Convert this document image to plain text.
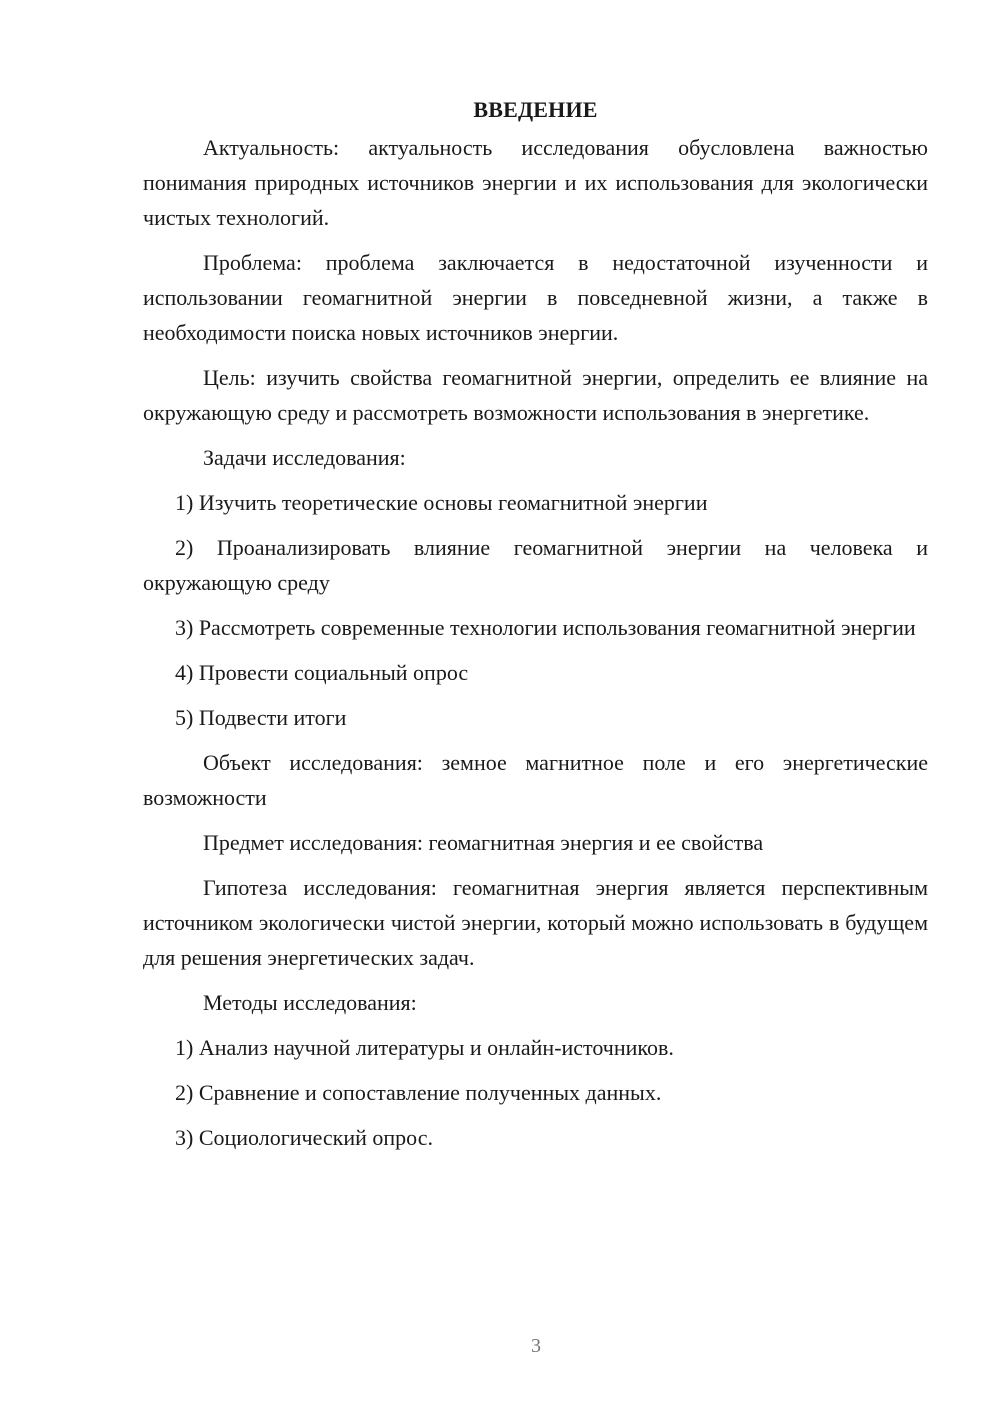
ВВЕДЕНИЕ
Актуальность: актуальность исследования обусловлена важностью понимания природных источников энергии и их использования для экологически чистых технологий.
Проблема: проблема заключается в недостаточной изученности и использовании геомагнитной энергии в повседневной жизни, а также в необходимости поиска новых источников энергии.
Цель: изучить свойства геомагнитной энергии, определить ее влияние на окружающую среду и рассмотреть возможности использования в энергетике.
Задачи исследования:
1) Изучить теоретические основы геомагнитной энергии
2) Проанализировать влияние геомагнитной энергии на человека и окружающую среду
3) Рассмотреть современные технологии использования геомагнитной энергии
4) Провести социальный опрос
5) Подвести итоги
Объект исследования: земное магнитное поле и его энергетические возможности
Предмет исследования: геомагнитная энергия и ее свойства
Гипотеза исследования: геомагнитная энергия является перспективным источником экологически чистой энергии, который можно использовать в будущем для решения энергетических задач.
Методы исследования:
1) Анализ научной литературы и онлайн-источников.
2) Сравнение и сопоставление полученных данных.
3) Социологический опрос.
3
